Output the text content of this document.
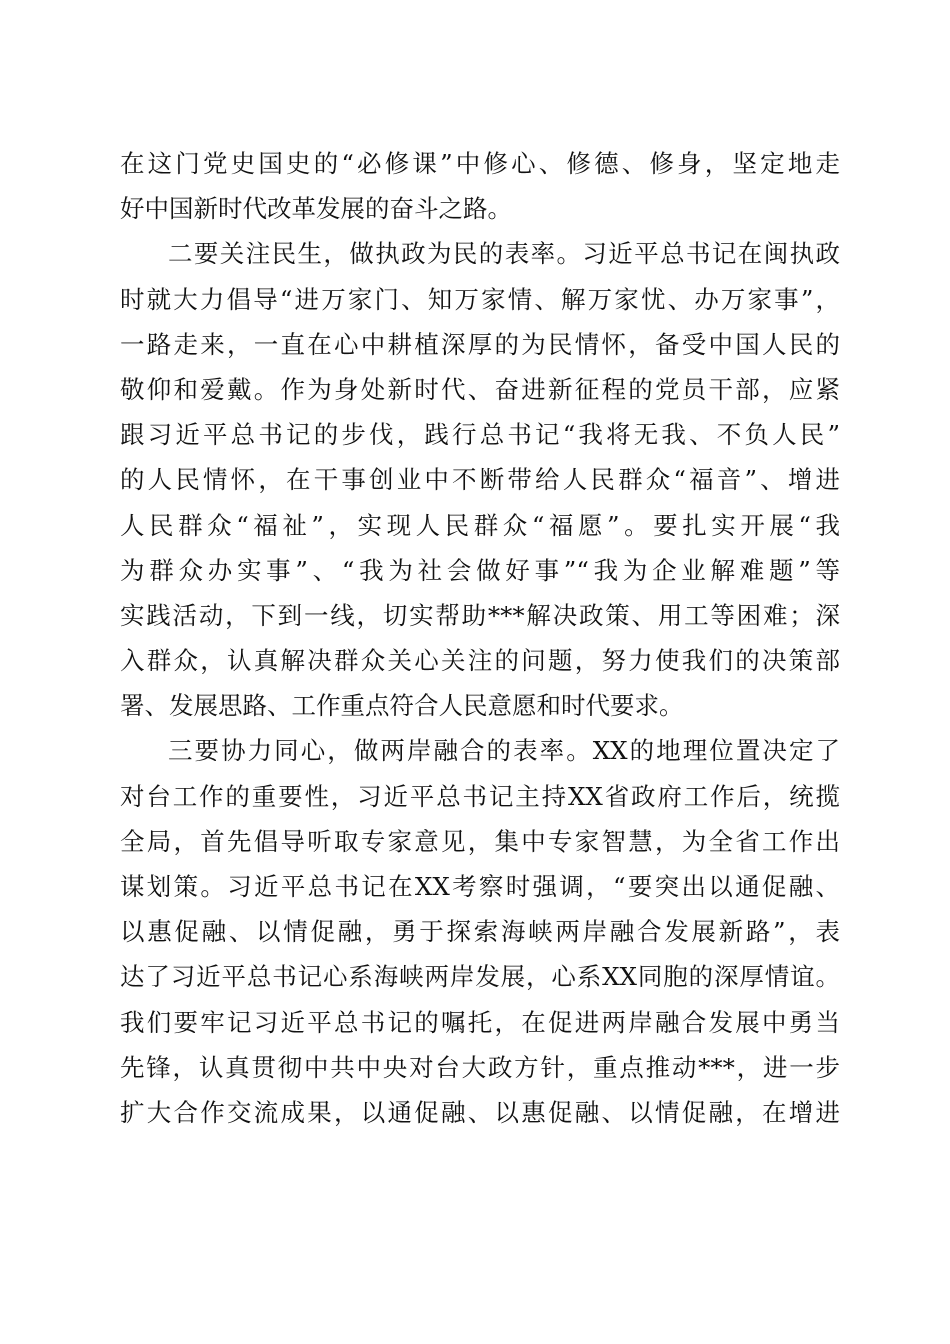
在这门党史国史的“必修课”中修心、修德、修身，坚定地走
好中国新时代改革发展的奋斗之路。
二要关注民生，做执政为民的表率。习近平总书记在闽执政
时就大力倡导“进万家门、知万家情、解万家忧、办万家事”，
一路走来，一直在心中耕植深厚的为民情怀，备受中国人民的
敬仰和爱戴。作为身处新时代、奋进新征程的党员干部，应紧
跟习近平总书记的步伐，践行总书记“我将无我、不负人民”
的人民情怀，在干事创业中不断带给人民群众“福音”、增进
人民群众“福祉”，实现人民群众“福愿”。要扎实开展“我
为群众办实事”、“我为社会做好事”“我为企业解难题”等
实践活动，下到一线，切实帮助***解决政策、用工等困难；深
入群众，认真解决群众关心关注的问题，努力使我们的决策部
署、发展思路、工作重点符合人民意愿和时代要求。
三要协力同心，做两岸融合的表率。XX的地理位置决定了
对台工作的重要性，习近平总书记主持XX省政府工作后，统揽
全局，首先倡导听取专家意见，集中专家智慧，为全省工作出
谋划策。习近平总书记在XX考察时强调，“要突出以通促融、
以惠促融、以情促融，勇于探索海峡两岸融合发展新路”，表
达了习近平总书记心系海峡两岸发展，心系XX同胞的深厚情谊。
我们要牢记习近平总书记的嘱托，在促进两岸融合发展中勇当
先锋，认真贯彻中共中央对台大政方针，重点推动***，进一步
扩大合作交流成果，以通促融、以惠促融、以情促融，在增进
